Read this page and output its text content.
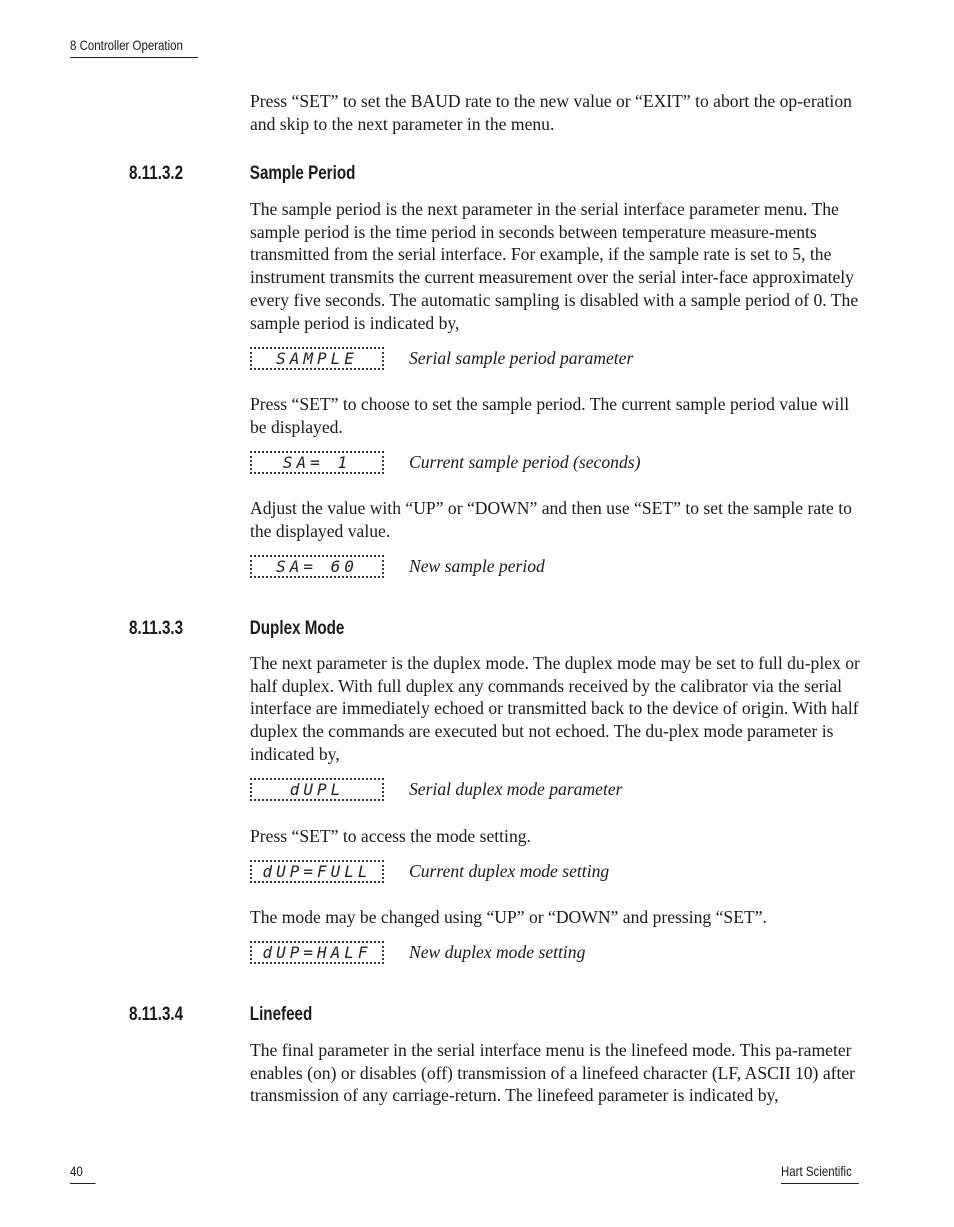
8 Controller Operation

Press “SET” to set the BAUD rate to the new value or “EXIT” to abort the op-eration and skip to the next parameter in the menu.

8.11.3.2	Sample Period

The sample period is the next parameter in the serial interface parameter menu. The sample period is the time period in seconds between temperature measure-ments transmitted from the serial interface. For example, if the sample rate is set to 5, the instrument transmits the current measurement over the serial inter-face approximately every five seconds. The automatic sampling is disabled with a sample period of 0. The sample period is indicated by,

SAMPLE	Serial sample period parameter

Press “SET” to choose to set the sample period. The current sample period value will be displayed.

SA= 1	Current sample period (seconds)

Adjust the value with “UP” or “DOWN” and then use “SET” to set the sample rate to the displayed value.

SA= 60	New sample period
8.11.3.3	Duplex Mode

The next parameter is the duplex mode. The duplex mode may be set to full du-plex or half duplex. With full duplex any commands received by the calibrator via the serial interface are immediately echoed or transmitted back to the device of origin. With half duplex the commands are executed but not echoed. The du-plex mode parameter is indicated by,

dUPL	Serial duplex mode parameter

Press “SET” to access the mode setting.

dUP=FULL	Current duplex mode setting

The mode may be changed using “UP” or “DOWN” and pressing “SET”.

dUP=HALF	New duplex mode setting
8.11.3.4	Linefeed

The final parameter in the serial interface menu is the linefeed mode. This pa-rameter enables (on) or disables (off) transmission of a linefeed character (LF, ASCII 10) after transmission of any carriage-return. The linefeed parameter is indicated by,

40	Hart Scientific
